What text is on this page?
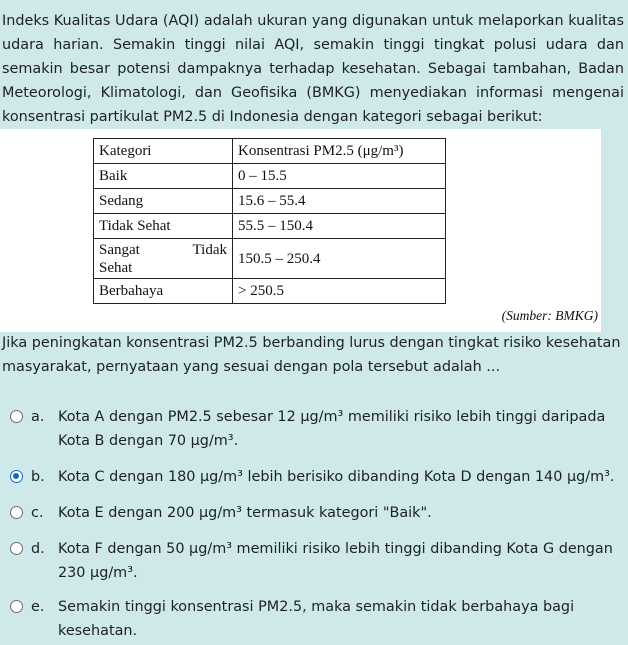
Indeks Kualitas Udara (AQI) adalah ukuran yang digunakan untuk melaporkan kualitas udara harian. Semakin tinggi nilai AQI, semakin tinggi tingkat polusi udara dan semakin besar potensi dampaknya terhadap kesehatan. Sebagai tambahan, Badan Meteorologi, Klimatologi, dan Geofisika (BMKG) menyediakan informasi mengenai konsentrasi partikulat PM2.5 di Indonesia dengan kategori sebagai berikut:

Kategori	Konsentrasi PM2.5 (μg/m³)
Baik	0 – 15.5
Sedang	15.6 – 55.4
Tidak Sehat	55.5 – 150.4

Sangat Tidak
Sehat	150.5 – 250.4
Berbahaya	> 250.5
(Sumber: BMKG)

Jika peningkatan konsentrasi PM2.5 berbanding lurus dengan tingkat risiko kesehatan masyarakat, pernyataan yang sesuai dengan pola tersebut adalah ...

a. Kota A dengan PM2.5 sebesar 12 μg/m³ memiliki risiko lebih tinggi daripada Kota B dengan 70 μg/m³.
b. Kota C dengan 180 μg/m³ lebih berisiko dibanding Kota D dengan 140 μg/m³.
c. Kota E dengan 200 μg/m³ termasuk kategori "Baik".
d. Kota F dengan 50 μg/m³ memiliki risiko lebih tinggi dibanding Kota G dengan 230 μg/m³.
e. Semakin tinggi konsentrasi PM2.5, maka semakin tidak berbahaya bagi kesehatan.
